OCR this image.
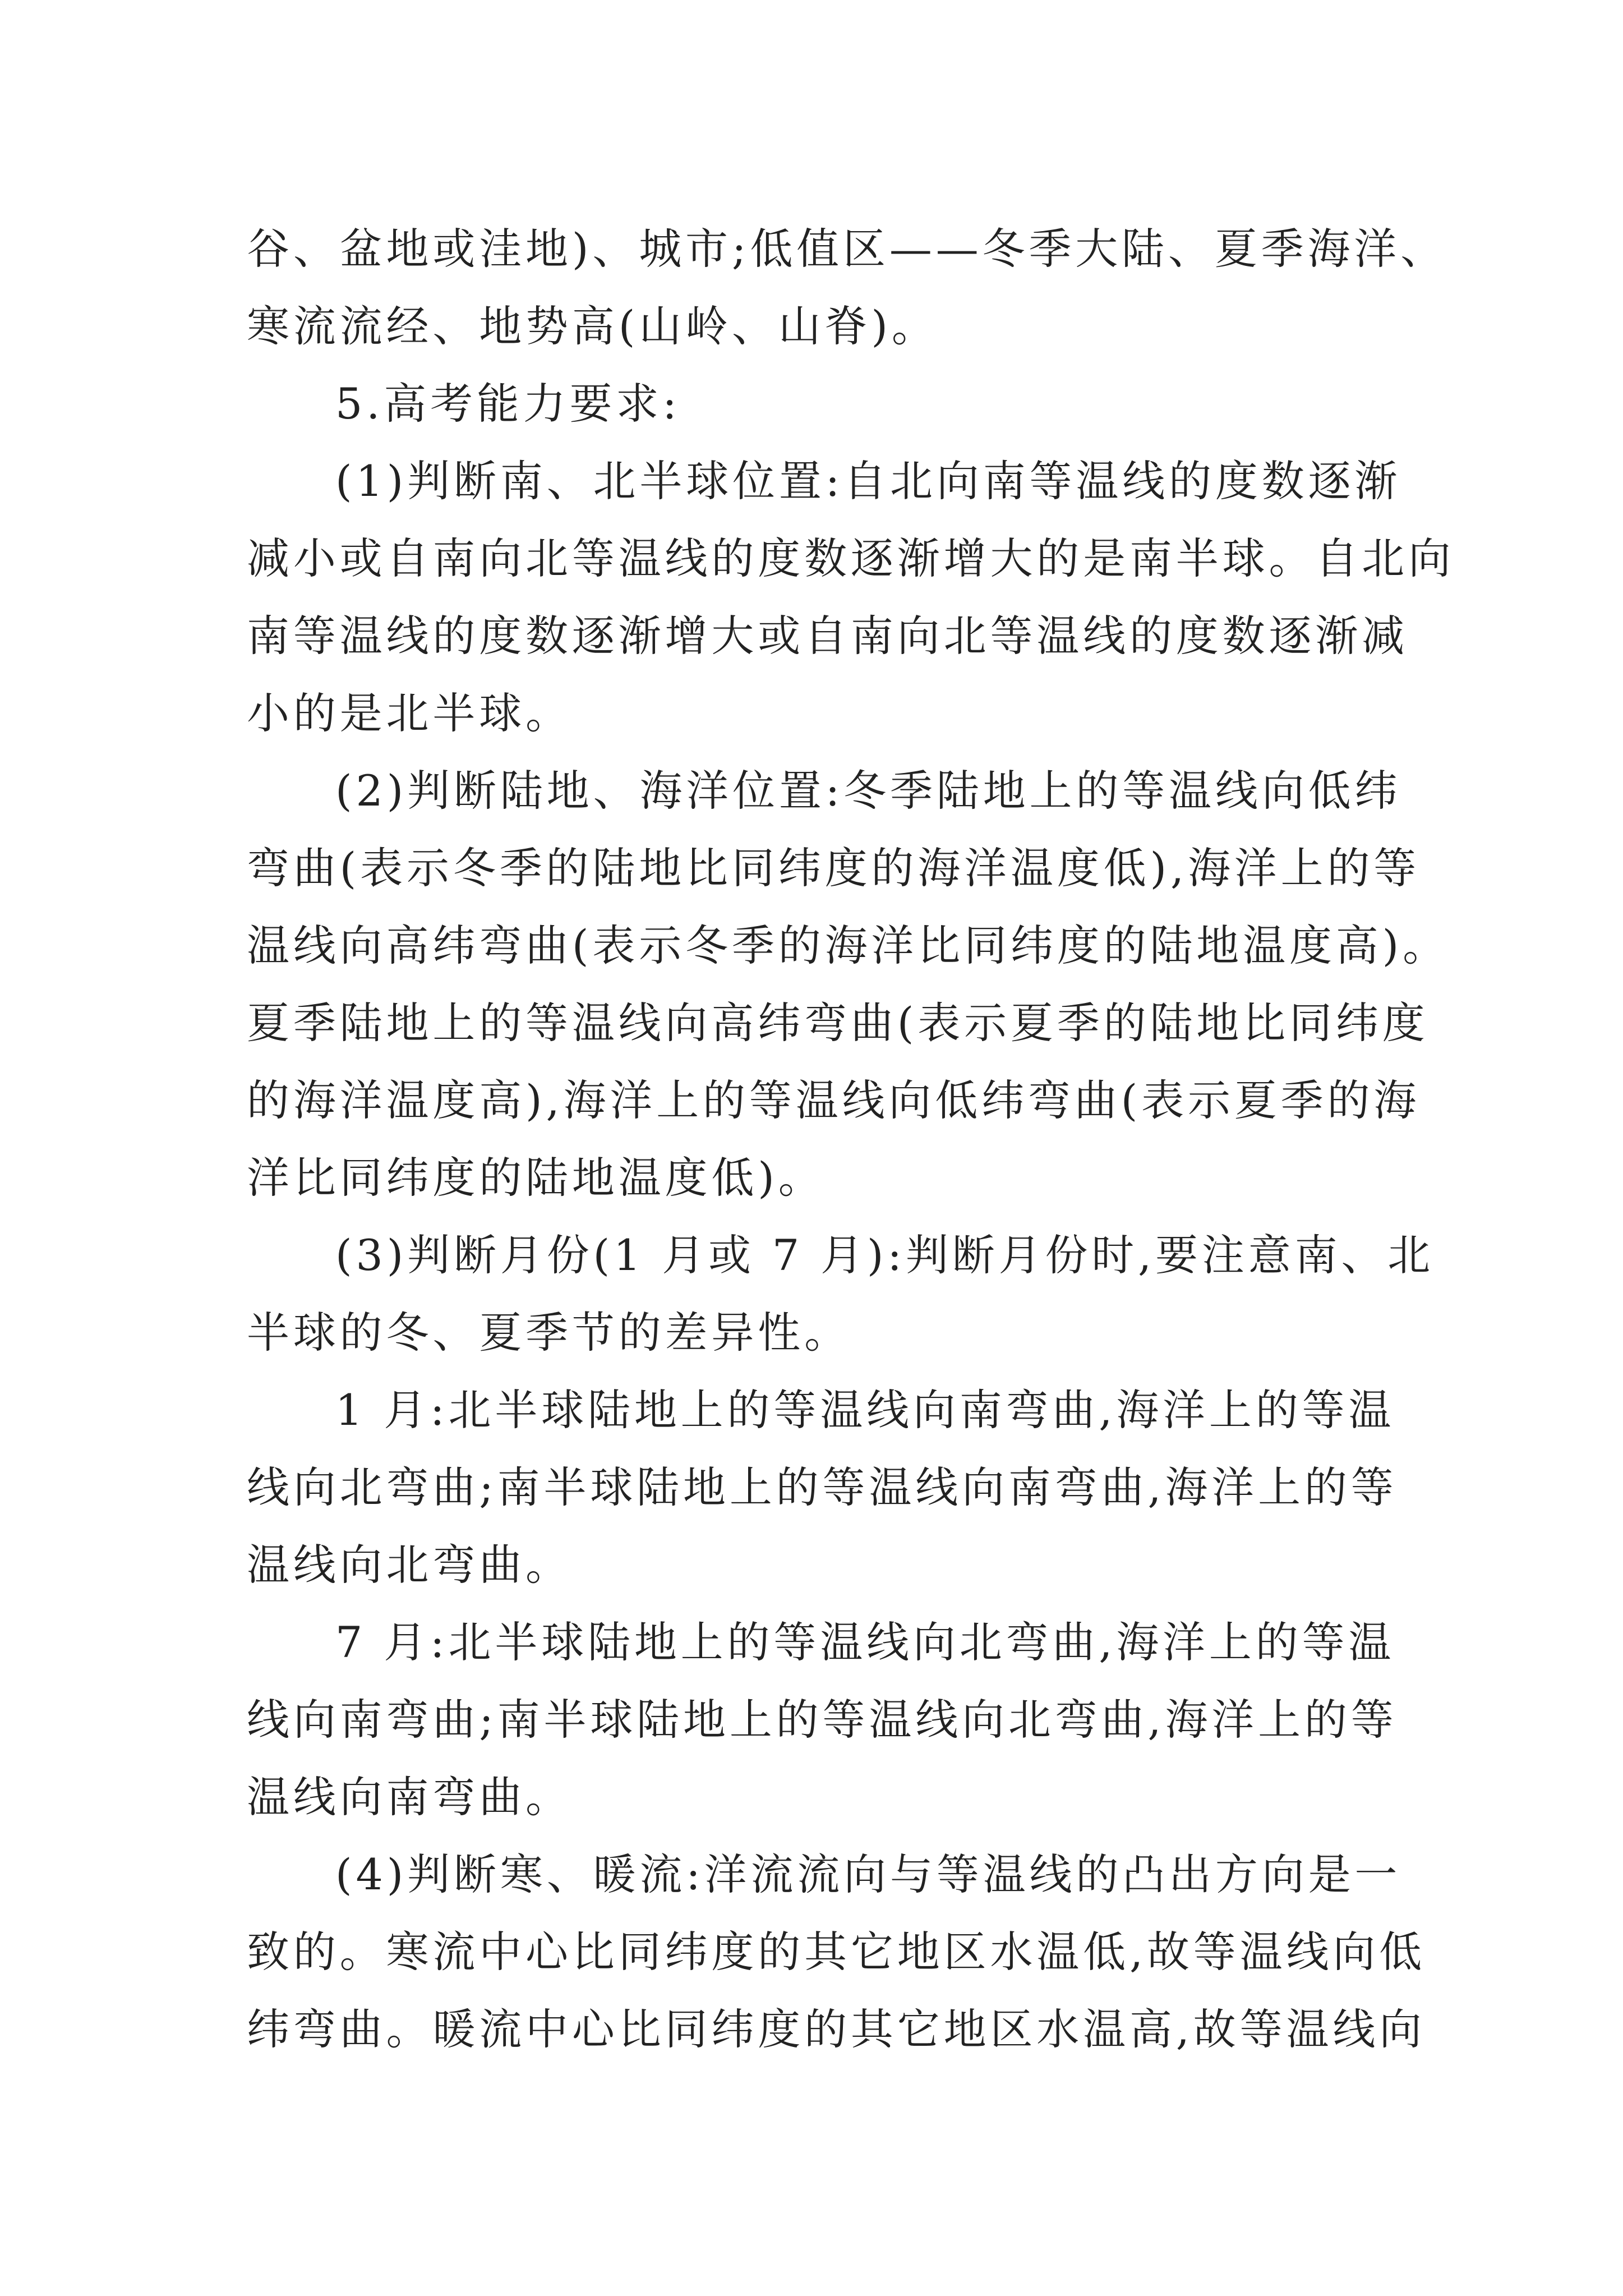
谷、盆地或洼地)、城市;低值区——冬季大陆、夏季海洋、
寒流流经、地势高(山岭、山脊)。
5.高考能力要求:
(1)判断南、北半球位置:自北向南等温线的度数逐渐
减小或自南向北等温线的度数逐渐增大的是南半球。自北向
南等温线的度数逐渐增大或自南向北等温线的度数逐渐减
小的是北半球。
(2)判断陆地、海洋位置:冬季陆地上的等温线向低纬
弯曲(表示冬季的陆地比同纬度的海洋温度低),海洋上的等
温线向高纬弯曲(表示冬季的海洋比同纬度的陆地温度高)。
夏季陆地上的等温线向高纬弯曲(表示夏季的陆地比同纬度
的海洋温度高),海洋上的等温线向低纬弯曲(表示夏季的海
洋比同纬度的陆地温度低)。
(3)判断月份(1 月或 7 月):判断月份时,要注意南、北
半球的冬、夏季节的差异性。
1 月:北半球陆地上的等温线向南弯曲,海洋上的等温
线向北弯曲;南半球陆地上的等温线向南弯曲,海洋上的等
温线向北弯曲。
7 月:北半球陆地上的等温线向北弯曲,海洋上的等温
线向南弯曲;南半球陆地上的等温线向北弯曲,海洋上的等
温线向南弯曲。
(4)判断寒、暖流:洋流流向与等温线的凸出方向是一
致的。寒流中心比同纬度的其它地区水温低,故等温线向低
纬弯曲。暖流中心比同纬度的其它地区水温高,故等温线向
